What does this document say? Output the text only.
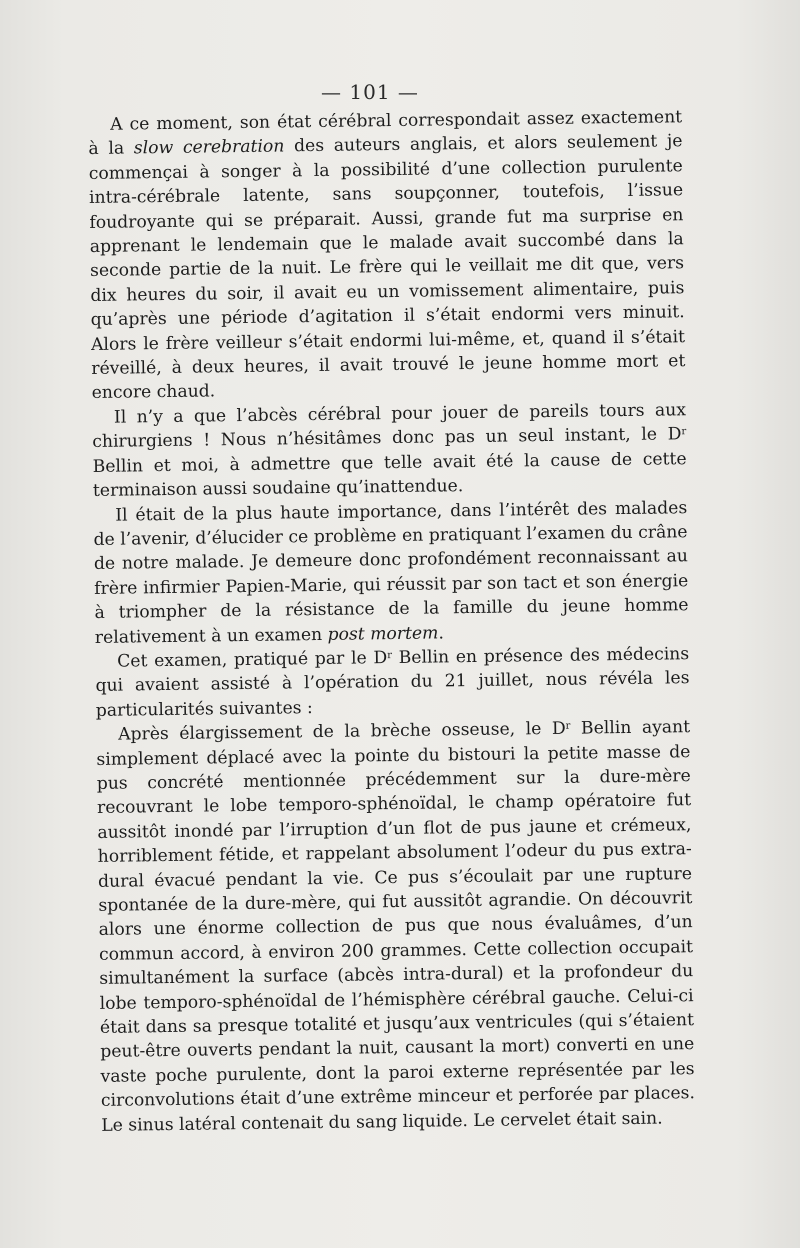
— 101 —

A ce moment, son état cérébral correspondait assez exactement à la slow cerebration des auteurs anglais, et alors seulement je commençai à songer à la possibilité d’une collection purulente intra-cérébrale latente, sans soupçonner, toutefois, l’issue foudroyante qui se préparait. Aussi, grande fut ma surprise en apprenant le lendemain que le malade avait succombé dans la seconde partie de la nuit. Le frère qui le veillait me dit que, vers dix heures du soir, il avait eu un vomissement alimentaire, puis qu’après une période d’agitation il s’était endormi vers minuit. Alors le frère veilleur s’était endormi lui-même, et, quand il s’était réveillé, à deux heures, il avait trouvé le jeune homme mort et encore chaud.

Il n’y a que l’abcès cérébral pour jouer de pareils tours aux chirurgiens ! Nous n’hésitâmes donc pas un seul instant, le $D^r$ Bellin et moi, à admettre que telle avait été la cause de cette terminaison aussi soudaine qu’inattendue.

Il était de la plus haute importance, dans l’intérêt des malades de l’avenir, d’élucider ce problème en pratiquant l’examen du crâne de notre malade. Je demeure donc profondément reconnaissant au frère infirmier Papien-Marie, qui réussit par son tact et son énergie à triompher de la résistance de la famille du jeune homme relativement à un examen post mortem.

Cet examen, pratiqué par le $D^r$ Bellin en présence des médecins qui avaient assisté à l’opération du 21 juillet, nous révéla les particularités suivantes :

Après élargissement de la brèche osseuse, le $D^r$ Bellin ayant simplement déplacé avec la pointe du bistouri la petite masse de pus concrété mentionnée précédemment sur la dure-mère recouvrant le lobe temporo-sphénoïdal, le champ opératoire fut aussitôt inondé par l’irruption d’un flot de pus jaune et crémeux, horriblement fétide, et rappelant absolument l’odeur du pus extra-dural évacué pendant la vie. Ce pus s’écoulait par une rupture spontanée de la dure-mère, qui fut aussitôt agrandie. On découvrit alors une énorme collection de pus que nous évaluâmes, d’un commun accord, à environ 200 grammes. Cette collection occupait simultanément la surface (abcès intra-dural) et la profondeur du lobe temporo-sphénoïdal de l’hémisphère cérébral gauche. Celui-ci était dans sa presque totalité et jusqu’aux ventricules (qui s’étaient peut-être ouverts pendant la nuit, causant la mort) converti en une vaste poche purulente, dont la paroi externe représentée par les circonvolutions était d’une extrême minceur et perforée par places. Le sinus latéral contenait du sang liquide. Le cervelet était sain.
